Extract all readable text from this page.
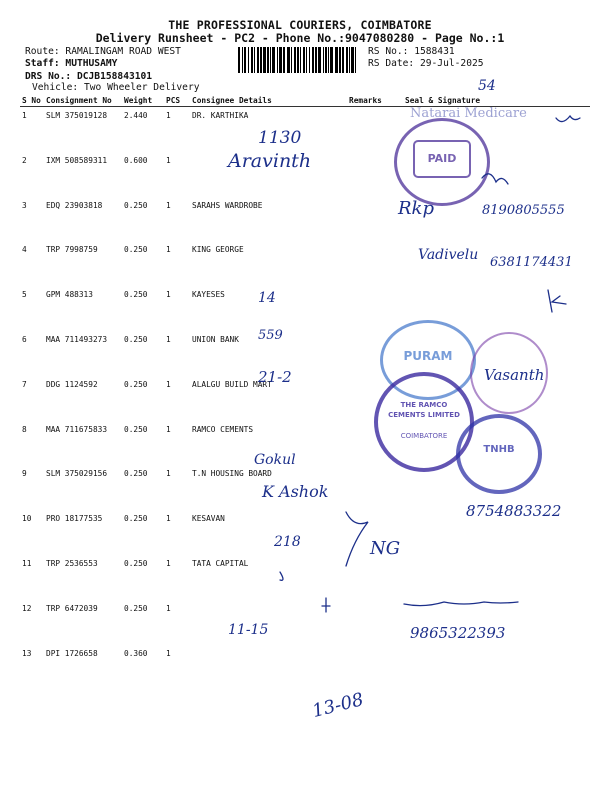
THE PROFESSIONAL COURIERS, COIMBATORE
Delivery Runsheet - PC2 - Phone No.:9047080280 - Page No.:1
Route: RAMALINGAM ROAD WEST
Staff: MUTHUSAMY
DRS No.: DCJB158843101
Vehicle: Two Wheeler Delivery
RS No.: 1588431
RS Date: 29-Jul-2025
S No	Consignment No	Weight	PCS	Consignee Details	Remarks	Seal & Signature
1	SLM 375019128	2.440	1	DR. KARTHIKA		
2	IXM 508589311	0.600	1			
3	EDQ 23903818	0.250	1	SARAHS WARDROBE		
4	TRP 7998759	0.250	1	KING GEORGE		
5	GPM 488313	0.250	1	KAYESES		
6	MAA 711493273	0.250	1	UNION BANK		
7	DDG 1124592	0.250	1	ALALGU BUILD MART		
8	MAA 711675833	0.250	1	RAMCO CEMENTS		
9	SLM 375029156	0.250	1	T.N HOUSING BOARD		
10	PRO 18177535	0.250	1	KESAVAN		
11	TRP 2536553	0.250	1	TATA CAPITAL		
12	TRP 6472039	0.250	1			
13	DPI 1726658	0.360	1			
PAID
Natarai Medicare
PURAM
THE RAMCO CEMENTS LIMITED
COIMBATORE
TNHB
54
1130
Aravinth
Rkp	8190805555
Vadivelu 6381174431
14
559
21-2	Vasanth
Gokul
K Ashok
8754883322
218	NG
11-15	9865322393
13-08
